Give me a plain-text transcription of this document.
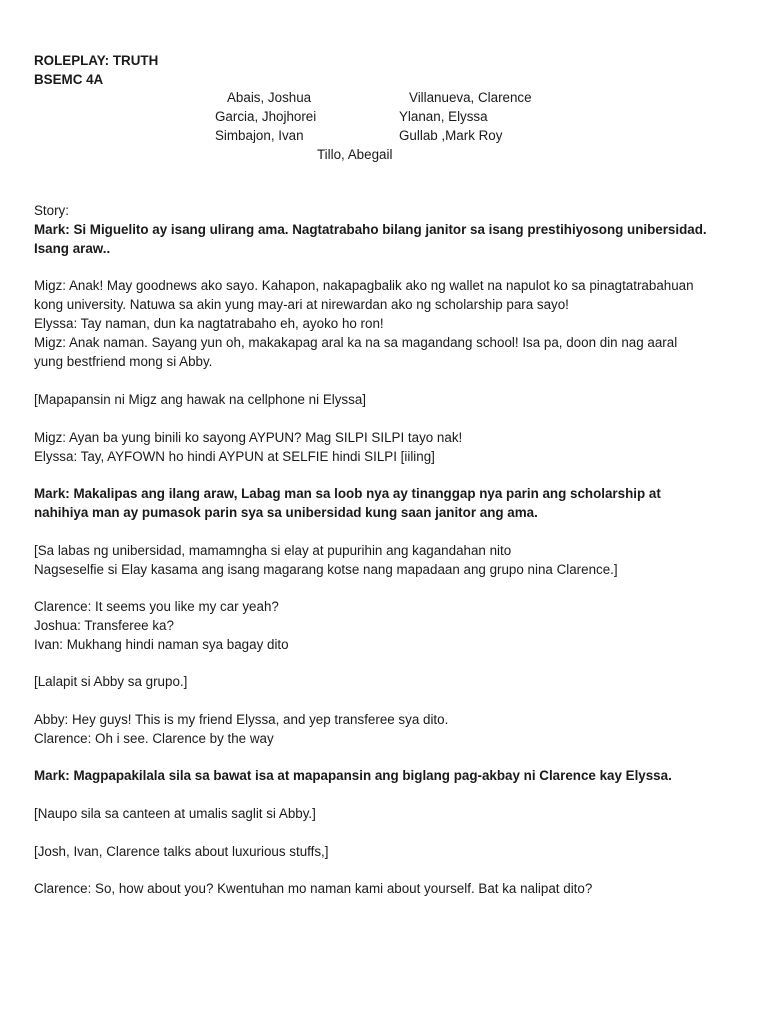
ROLEPLAY: TRUTH
BSEMC 4A
Abais, Joshua
Garcia, Jhojhorei
Simbajon, Ivan
Villanueva, Clarence
Ylanan, Elyssa
Gullab ,Mark Roy
Tillo, Abegail
Story:
Mark: Si Miguelito ay isang ulirang ama. Nagtatrabaho bilang janitor sa isang prestihiyosong unibersidad.
Isang araw..
Migz: Anak! May goodnews ako sayo. Kahapon, nakapagbalik ako ng wallet na napulot ko sa pinagtatrabahuan
kong university. Natuwa sa akin yung may-ari at nirewardan ako ng scholarship para sayo!
Elyssa: Tay naman, dun ka nagtatrabaho eh, ayoko ho ron!
Migz: Anak naman. Sayang yun oh, makakapag aral ka na sa magandang school! Isa pa, doon din nag aaral
yung bestfriend mong si Abby.
[Mapapansin ni Migz ang hawak na cellphone ni Elyssa]
Migz: Ayan ba yung binili ko sayong AYPUN? Mag SILPI SILPI tayo nak!
Elyssa: Tay, AYFOWN ho hindi AYPUN at SELFIE hindi SILPI [iiling]
Mark: Makalipas ang ilang araw, Labag man sa loob nya ay tinanggap nya parin ang scholarship at
nahihiya man ay pumasok parin sya sa unibersidad kung saan janitor ang ama.
[Sa labas ng unibersidad, mamamngha si elay at pupurihin ang kagandahan nito
Nagseselfie si Elay kasama ang isang magarang kotse nang mapadaan ang grupo nina Clarence.]
Clarence: It seems you like my car yeah?
Joshua: Transferee ka?
Ivan: Mukhang hindi naman sya bagay dito
[Lalapit si Abby sa grupo.]
Abby: Hey guys! This is my friend Elyssa, and yep transferee sya dito.
Clarence: Oh i see. Clarence by the way
Mark: Magpapakilala sila sa bawat isa at mapapansin ang biglang pag-akbay ni Clarence kay Elyssa.
[Naupo sila sa canteen at umalis saglit si Abby.]
[Josh, Ivan, Clarence talks about luxurious stuffs,]
Clarence: So, how about you? Kwentuhan mo naman kami about yourself. Bat ka nalipat dito?
